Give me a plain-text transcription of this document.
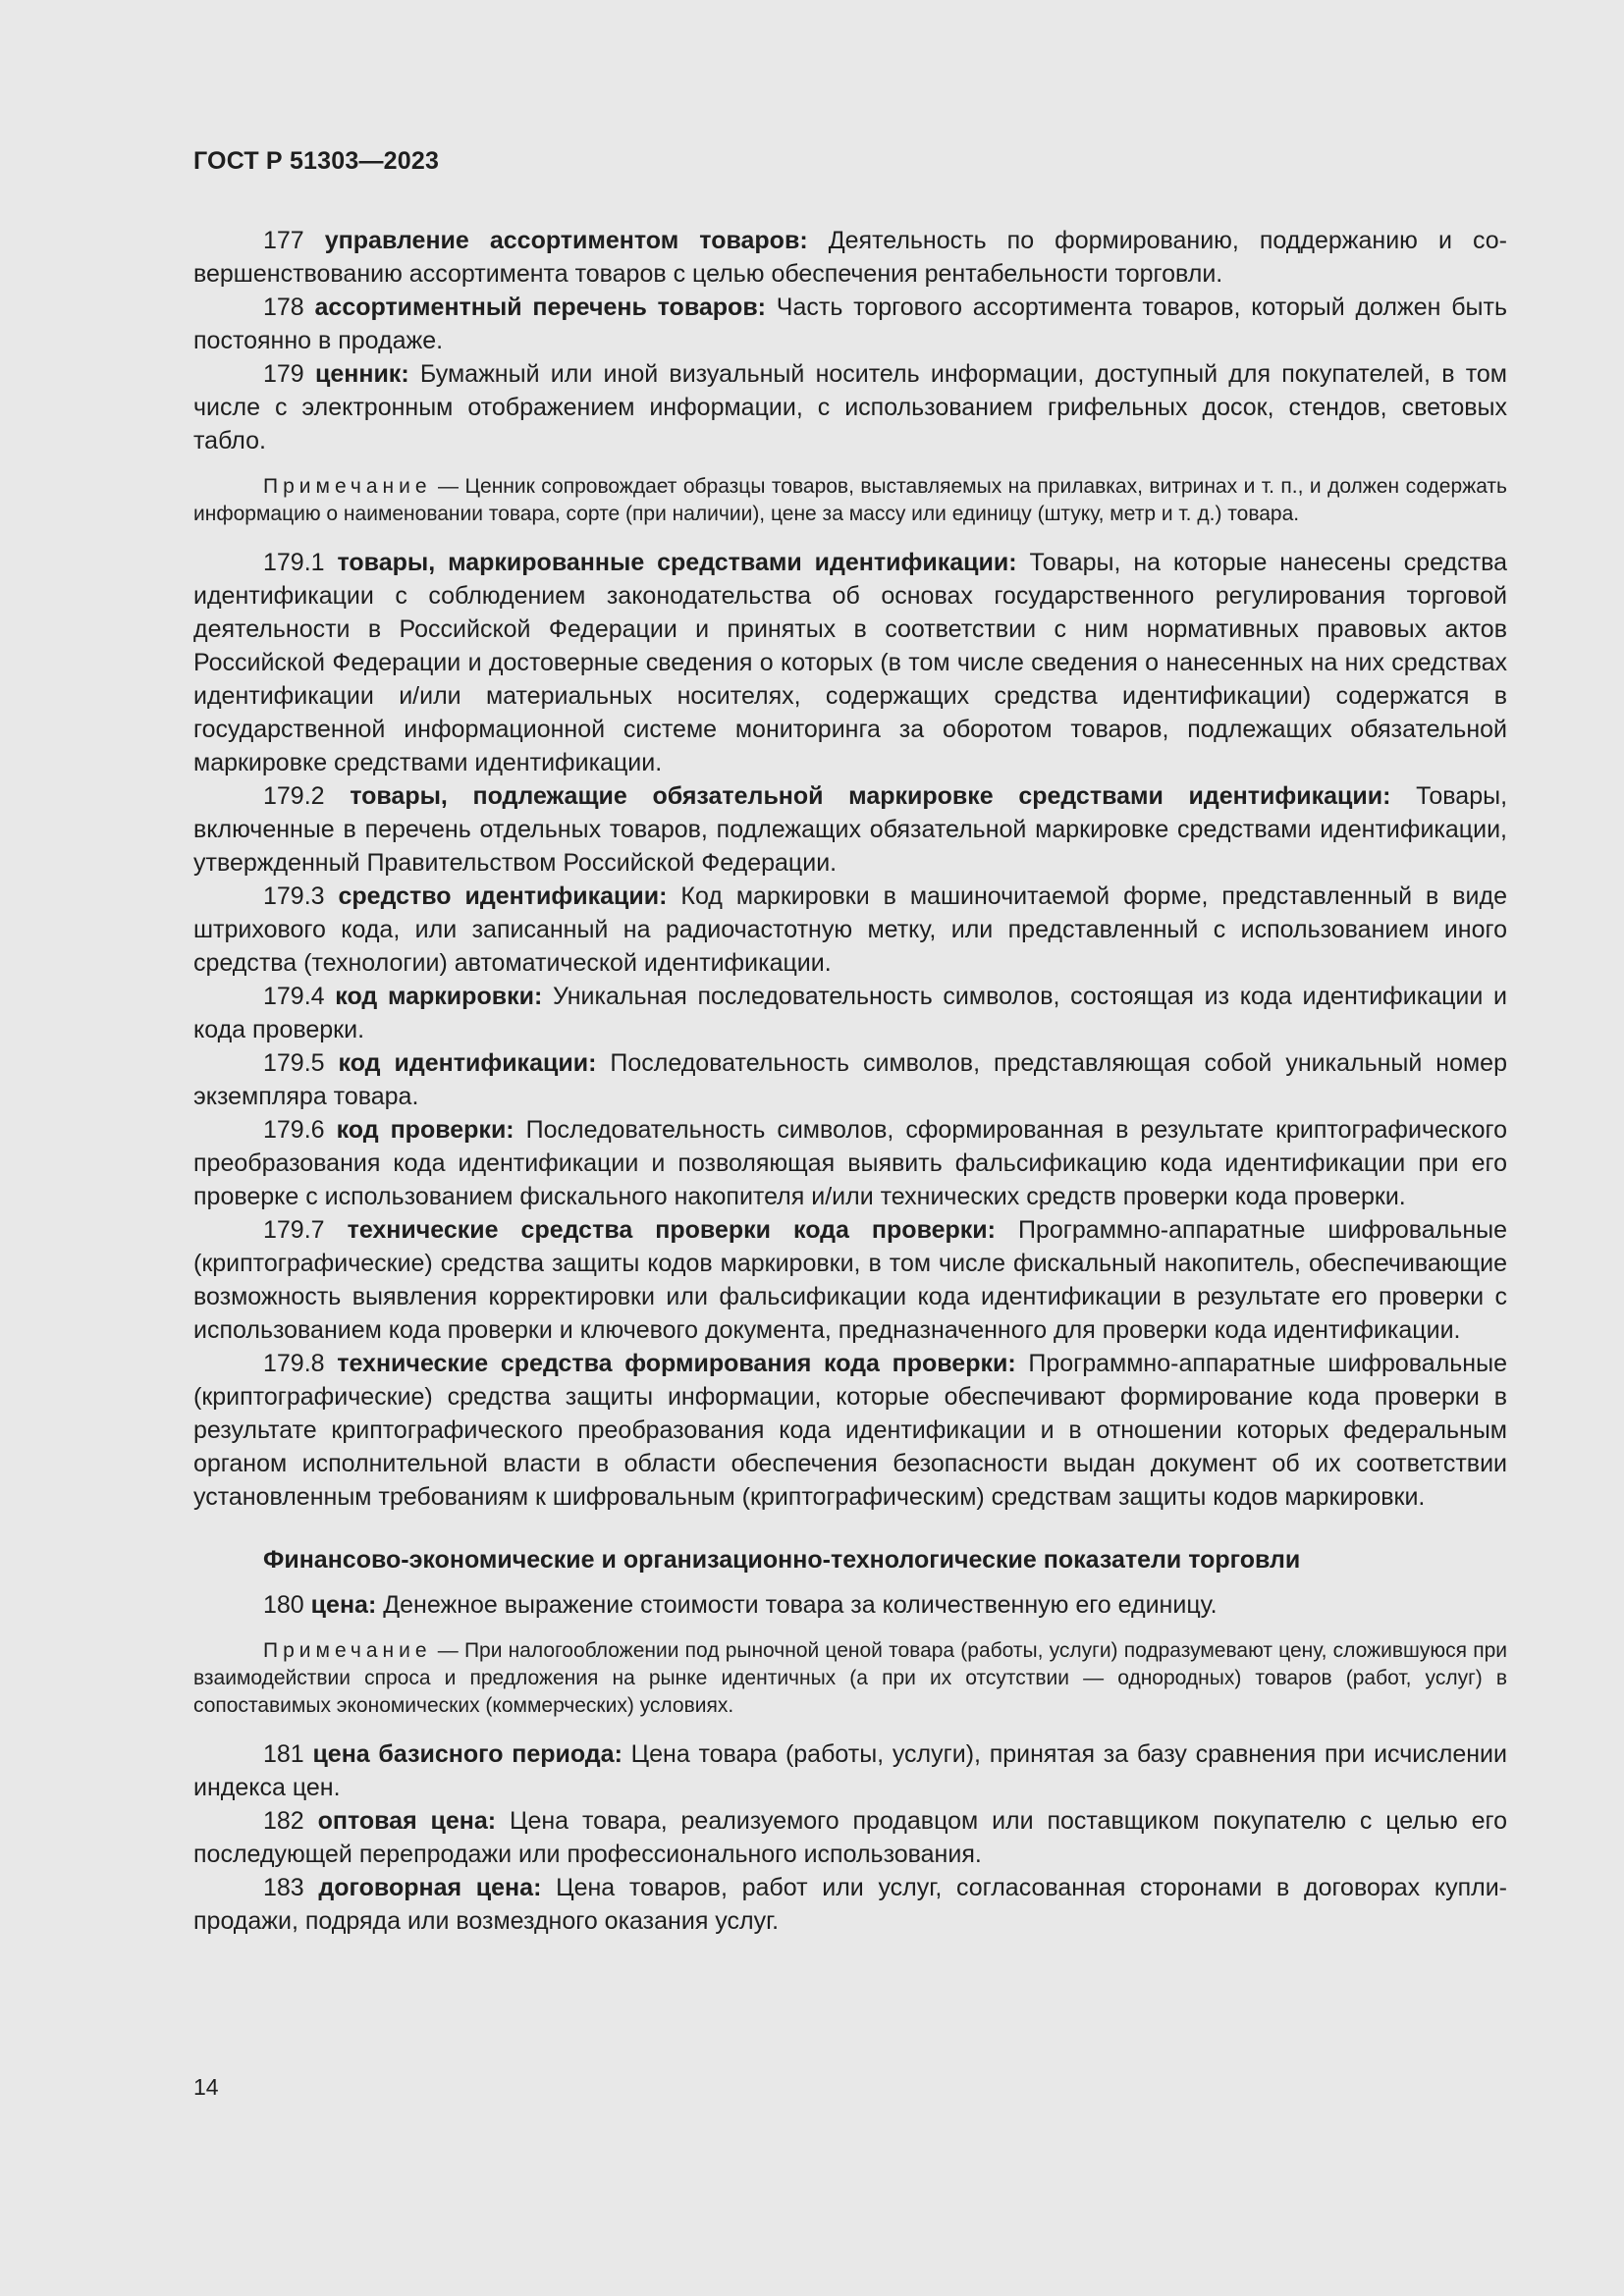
ГОСТ Р 51303—2023

177 управление ассортиментом товаров: Деятельность по формированию, поддержанию и совершенствованию ассортимента товаров с целью обеспечения рентабельности торговли.

178 ассортиментный перечень товаров: Часть торгового ассортимента товаров, который должен быть постоянно в продаже.

179 ценник: Бумажный или иной визуальный носитель информации, доступный для покупателей, в том числе с электронным отображением информации, с использованием грифельных досок, стендов, световых табло.

Примечание — Ценник сопровождает образцы товаров, выставляемых на прилавках, витринах и т. п., и должен содержать информацию о наименовании товара, сорте (при наличии), цене за массу или единицу (штуку, метр и т. д.) товара.

179.1 товары, маркированные средствами идентификации: Товары, на которые нанесены средства идентификации с соблюдением законодательства об основах государственного регулирования торговой деятельности в Российской Федерации и принятых в соответствии с ним нормативных правовых актов Российской Федерации и достоверные сведения о которых (в том числе сведения о нанесенных на них средствах идентификации и/или материальных носителях, содержащих средства идентификации) содержатся в государственной информационной системе мониторинга за оборотом товаров, подлежащих обязательной маркировке средствами идентификации.

179.2 товары, подлежащие обязательной маркировке средствами идентификации: Товары, включенные в перечень отдельных товаров, подлежащих обязательной маркировке средствами идентификации, утвержденный Правительством Российской Федерации.

179.3 средство идентификации: Код маркировки в машиночитаемой форме, представленный в виде штрихового кода, или записанный на радиочастотную метку, или представленный с использованием иного средства (технологии) автоматической идентификации.

179.4 код маркировки: Уникальная последовательность символов, состоящая из кода идентификации и кода проверки.

179.5 код идентификации: Последовательность символов, представляющая собой уникальный номер экземпляра товара.

179.6 код проверки: Последовательность символов, сформированная в результате криптографического преобразования кода идентификации и позволяющая выявить фальсификацию кода идентификации при его проверке с использованием фискального накопителя и/или технических средств проверки кода проверки.

179.7 технические средства проверки кода проверки: Программно-аппаратные шифровальные (криптографические) средства защиты кодов маркировки, в том числе фискальный накопитель, обеспечивающие возможность выявления корректировки или фальсификации кода идентификации в результате его проверки с использованием кода проверки и ключевого документа, предназначенного для проверки кода идентификации.

179.8 технические средства формирования кода проверки: Программно-аппаратные шифровальные (криптографические) средства защиты информации, которые обеспечивают формирование кода проверки в результате криптографического преобразования кода идентификации и в отношении которых федеральным органом исполнительной власти в области обеспечения безопасности выдан документ об их соответствии установленным требованиям к шифровальным (криптографическим) средствам защиты кодов маркировки.

Финансово-экономические и организационно-технологические показатели торговли

180 цена: Денежное выражение стоимости товара за количественную его единицу.

Примечание — При налогообложении под рыночной ценой товара (работы, услуги) подразумевают цену, сложившуюся при взаимодействии спроса и предложения на рынке идентичных (а при их отсутствии — однородных) товаров (работ, услуг) в сопоставимых экономических (коммерческих) условиях.

181 цена базисного периода: Цена товара (работы, услуги), принятая за базу сравнения при исчислении индекса цен.

182 оптовая цена: Цена товара, реализуемого продавцом или поставщиком покупателю с целью его последующей перепродажи или профессионального использования.

183 договорная цена: Цена товаров, работ или услуг, согласованная сторонами в договорах купли-продажи, подряда или возмездного оказания услуг.

14
